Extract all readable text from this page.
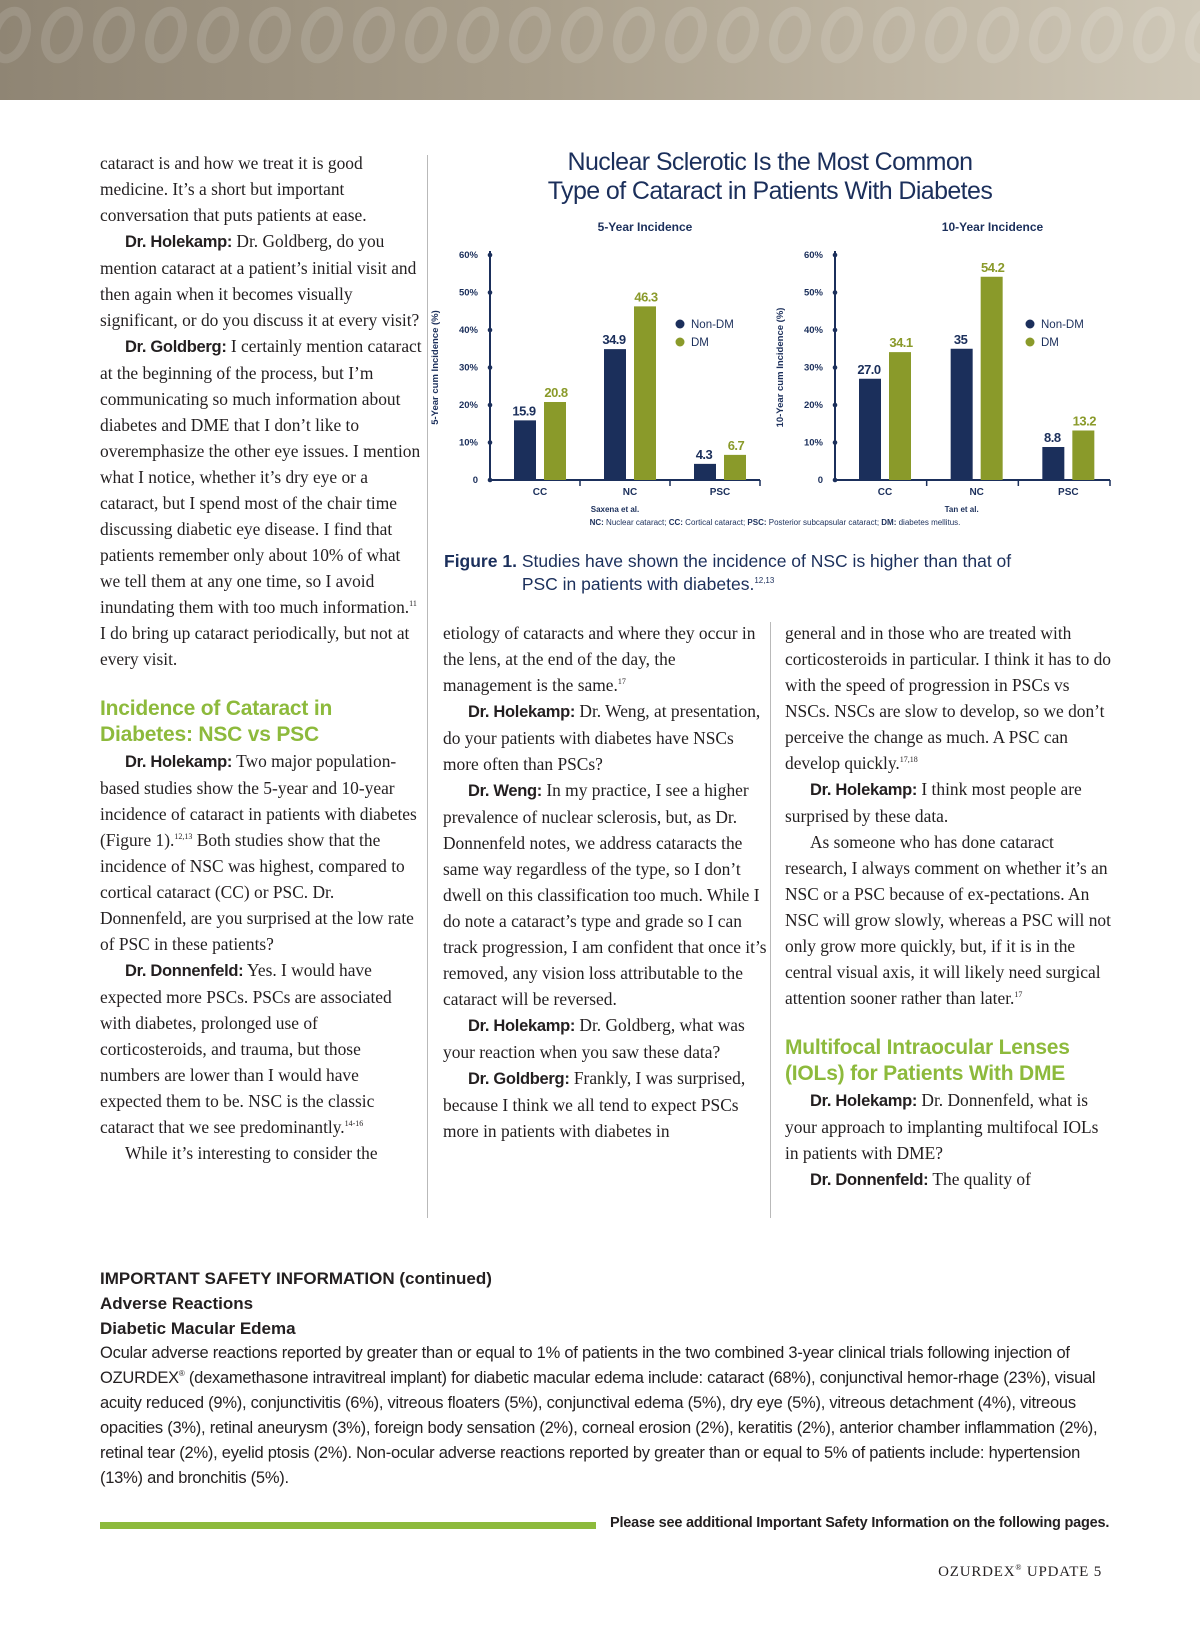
cataract is and how we treat it is good medicine. It’s a short but important conversation that puts patients at ease.

Dr. Holekamp: Dr. Goldberg, do you mention cataract at a patient’s initial visit and then again when it becomes visually significant, or do you discuss it at every visit?

Dr. Goldberg: I certainly mention cataract at the beginning of the process, but I’m communicating so much information about diabetes and DME that I don’t like to overemphasize the other eye issues. I mention what I notice, whether it’s dry eye or a cataract, but I spend most of the chair time discussing diabetic eye disease. I find that patients remember only about 10% of what we tell them at any one time, so I avoid inundating them with too much information.$^{11}$ I do bring up cataract periodically, but not at every visit.

Incidence of Cataract in Diabetes: NSC vs PSC

Dr. Holekamp: Two major population-based studies show the 5-year and 10-year incidence of cataract in patients with diabetes (Figure 1).$^{12,13}$ Both studies show that the incidence of NSC was highest, compared to cortical cataract (CC) or PSC. Dr. Donnenfeld, are you surprised at the low rate of PSC in these patients?

Dr. Donnenfeld: Yes. I would have expected more PSCs. PSCs are associated with diabetes, prolonged use of corticosteroids, and trauma, but those numbers are lower than I would have expected them to be. NSC is the classic cataract that we see predominantly.$^{14-16}$

While it’s interesting to consider the

Nuclear Sclerotic Is the Most Common
Type of Cataract in Patients With Diabetes
5-Year Incidence
5-Year cum Incidence (%)
0
10%
20%
30%
40%
50%
60%
CC
15.9
20.8
NC
34.9
46.3
PSC
4.3
6.7
Non-DM
DM
Saxena et al.
10-Year Incidence
10-Year cum Incidence (%)
0
10%
20%
30%
40%
50%
60%
CC
27.0
34.1
NC
35
54.2
PSC
8.8
13.2
Non-DM
DM
Tan et al.
NC: Nuclear cataract; CC: Cortical cataract; PSC: Posterior subcapsular cataract; DM: diabetes mellitus.
Figure 1. Studies have shown the incidence of NSC is higher than that of PSC in patients with diabetes.$^{12,13}$

etiology of cataracts and where they occur in the lens, at the end of the day, the management is the same.$^{17}$

Dr. Holekamp: Dr. Weng, at presentation, do your patients with diabetes have NSCs more often than PSCs?

Dr. Weng: In my practice, I see a higher prevalence of nuclear sclerosis, but, as Dr. Donnenfeld notes, we address cataracts the same way regardless of the type, so I don’t dwell on this classification too much. While I do note a cataract’s type and grade so I can track progression, I am confident that once it’s removed, any vision loss attributable to the cataract will be reversed.

Dr. Holekamp: Dr. Goldberg, what was your reaction when you saw these data?

Dr. Goldberg: Frankly, I was surprised, because I think we all tend to expect PSCs more in patients with diabetes in

general and in those who are treated with corticosteroids in particular. I think it has to do with the speed of progression in PSCs vs NSCs. NSCs are slow to develop, so we don’t perceive the change as much. A PSC can develop quickly.$^{17,18}$

Dr. Holekamp: I think most people are surprised by these data.

As someone who has done cataract research, I always comment on whether it’s an NSC or a PSC because of ex-pectations. An NSC will grow slowly, whereas a PSC will not only grow more quickly, but, if it is in the central visual axis, it will likely need surgical attention sooner rather than later.$^{17}$

Multifocal Intraocular Lenses (IOLs) for Patients With DME

Dr. Holekamp: Dr. Donnenfeld, what is your approach to implanting multifocal IOLs in patients with DME?

Dr. Donnenfeld: The quality of

IMPORTANT SAFETY INFORMATION (continued)
Adverse Reactions
Diabetic Macular Edema
Ocular adverse reactions reported by greater than or equal to 1% of patients in the two combined 3-year clinical trials following injection of OZURDEX® (dexamethasone intravitreal implant) for diabetic macular edema include: cataract (68%), conjunctival hemor-rhage (23%), visual acuity reduced (9%), conjunctivitis (6%), vitreous floaters (5%), conjunctival edema (5%), dry eye (5%), vitreous detachment (4%), vitreous opacities (3%), retinal aneurysm (3%), foreign body sensation (2%), corneal erosion (2%), keratitis (2%), anterior chamber inflammation (2%), retinal tear (2%), eyelid ptosis (2%). Non-ocular adverse reactions reported by greater than or equal to 5% of patients include: hypertension (13%) and bronchitis (5%).
Please see additional Important Safety Information on the following pages.
OZURDEX® UPDATE 5
